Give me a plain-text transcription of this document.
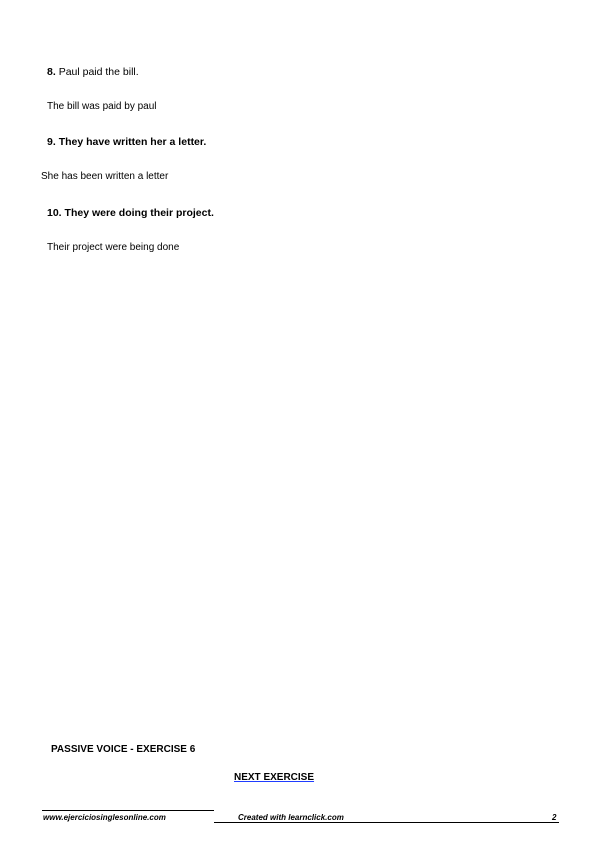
8. Paul paid the bill.
The bill was paid by paul
9. They have written her a letter.
She has been written a letter
10. They were doing their project.
Their project were being done
PASSIVE VOICE - EXERCISE 6
NEXT EXERCISE
www.ejerciciosinglesonline.com	Created with learnclick.com	2
